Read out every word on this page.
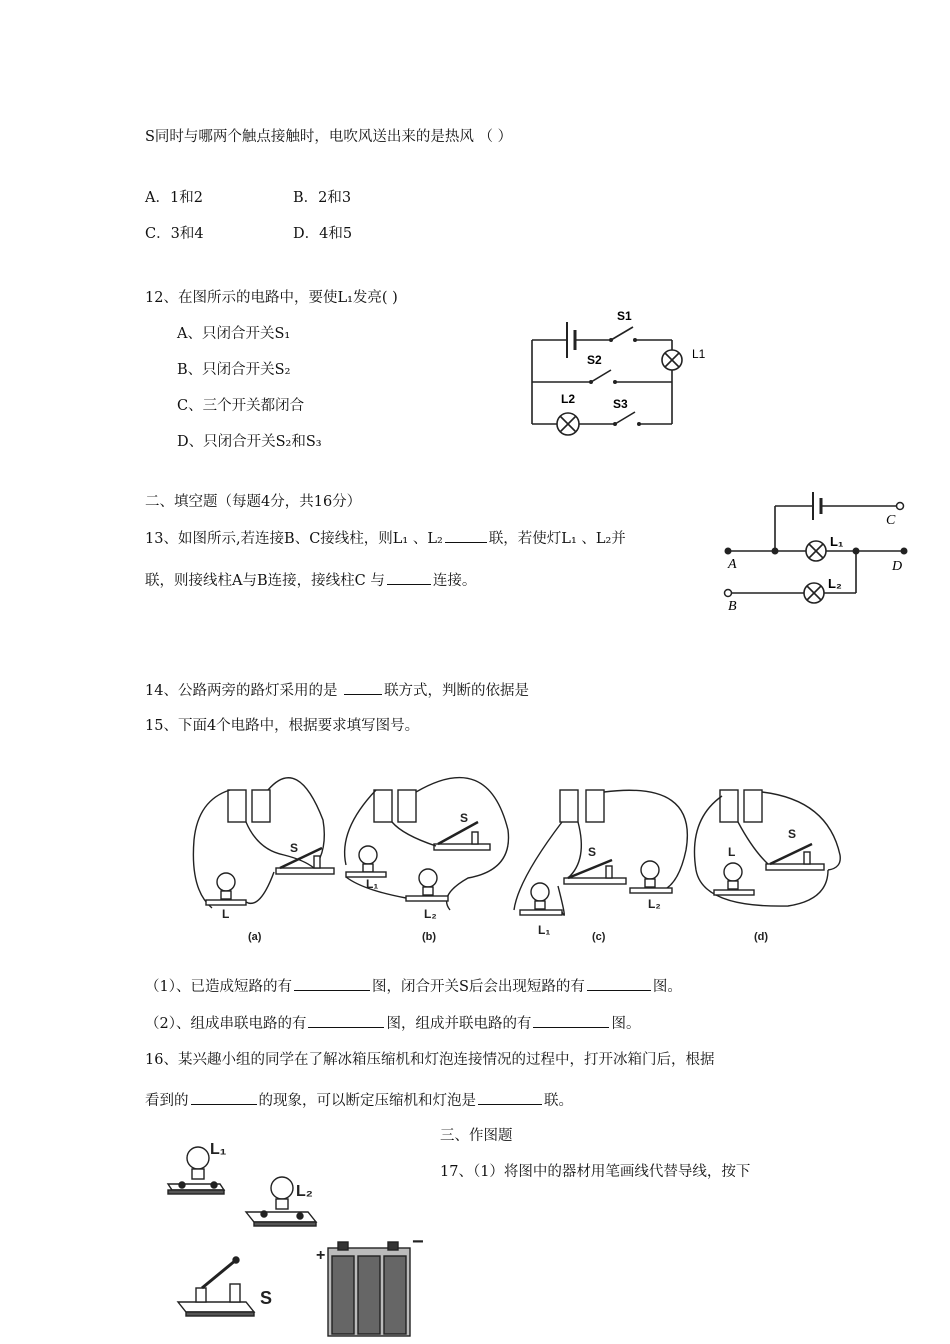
S同时与哪两个触点接触时，电吹风送出来的是热风 （ ）
A．1和2	B．2和3
C．3和4	D．4和5
12、在图所示的电路中，要使L₁发亮( )
A、只闭合开关S₁
B、只闭合开关S₂
C、三个开关都闭合
D、只闭合开关S₂和S₃
S1
S2
S3
L1
L2
二、填空题（每题4分，共16分）
13、如图所示,若连接B、C接线柱，则L₁ 、L₂	联，若使灯L₁ 、L₂并
联，则接线柱A与B连接，接线柱C 与	连接。
A
B
C
D
L₁
L₂
14、公路两旁的路灯采用的是	联方式，判断的依据是
15、下面4个电路中，根据要求填写图号。
(a)	(b)	(c)	(d)
S
L
S
L₁
L₂
S
L₁
L₂
S
L
（1）、已造成短路的有	图，闭合开关S后会出现短路的有	图。
（2）、组成串联电路的有	图，组成并联电路的有	图。
16、某兴趣小组的同学在了解冰箱压缩机和灯泡连接情况的过程中，打开冰箱门后，根据
看到的	的现象，可以断定压缩机和灯泡是	联。
三、作图题
17、（1）将图中的器材用笔画线代替导线，按下
L₁
L₂
S
+
−
